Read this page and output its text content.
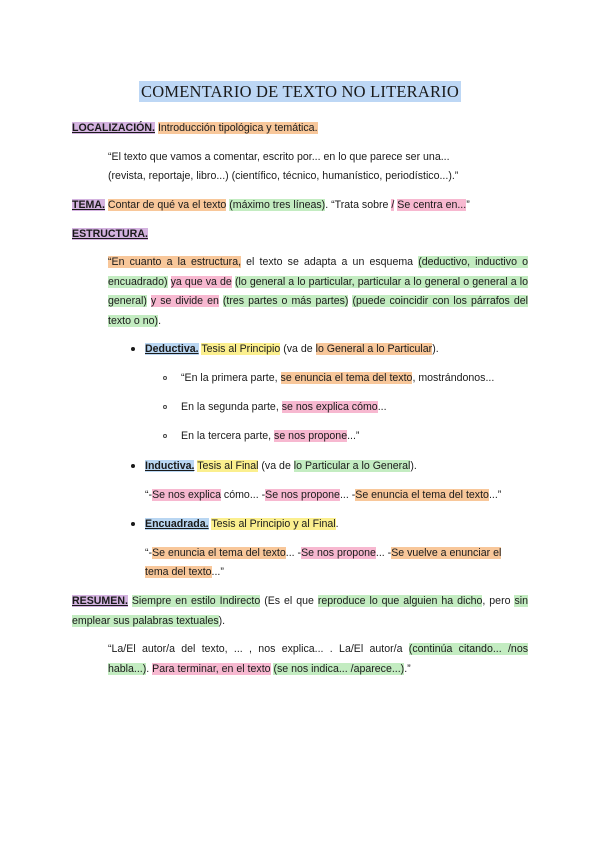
COMENTARIO DE TEXTO NO LITERARIO
LOCALIZACIÓN. Introducción tipológica y temática.
“El texto que vamos a comentar, escrito por... en lo que parece ser una...
(revista, reportaje, libro...) (científico, técnico, humanístico, periodístico...).”
TEMA. Contar de qué va el texto (máximo tres líneas). “Trata sobre / Se centra en...”
ESTRUCTURA.
“En cuanto a la estructura, el texto se adapta a un esquema (deductivo, inductivo o encuadrado) ya que va de (lo general a lo particular, particular a lo general o general a lo general) y se divide en (tres partes o más partes) (puede coincidir con los párrafos del texto o no).
Deductiva. Tesis al Principio (va de lo General a lo Particular).
“En la primera parte, se enuncia el tema del texto, mostrándonos...
En la segunda parte, se nos explica cómo...
En la tercera parte, se nos propone...”
Inductiva. Tesis al Final (va de lo Particular a lo General).
“-Se nos explica cómo... -Se nos propone... -Se enuncia el tema del texto...”
Encuadrada. Tesis al Principio y al Final.
“-Se enuncia el tema del texto... -Se nos propone... -Se vuelve a enunciar el
tema del texto...”
RESUMEN. Siempre en estilo Indirecto (Es el que reproduce lo que alguien ha dicho, pero sin emplear sus palabras textuales).
“La/El autor/a del texto, ... , nos explica... . La/El autor/a (continúa citando... /nos habla...). Para terminar, en el texto (se nos indica... /aparece...).”
